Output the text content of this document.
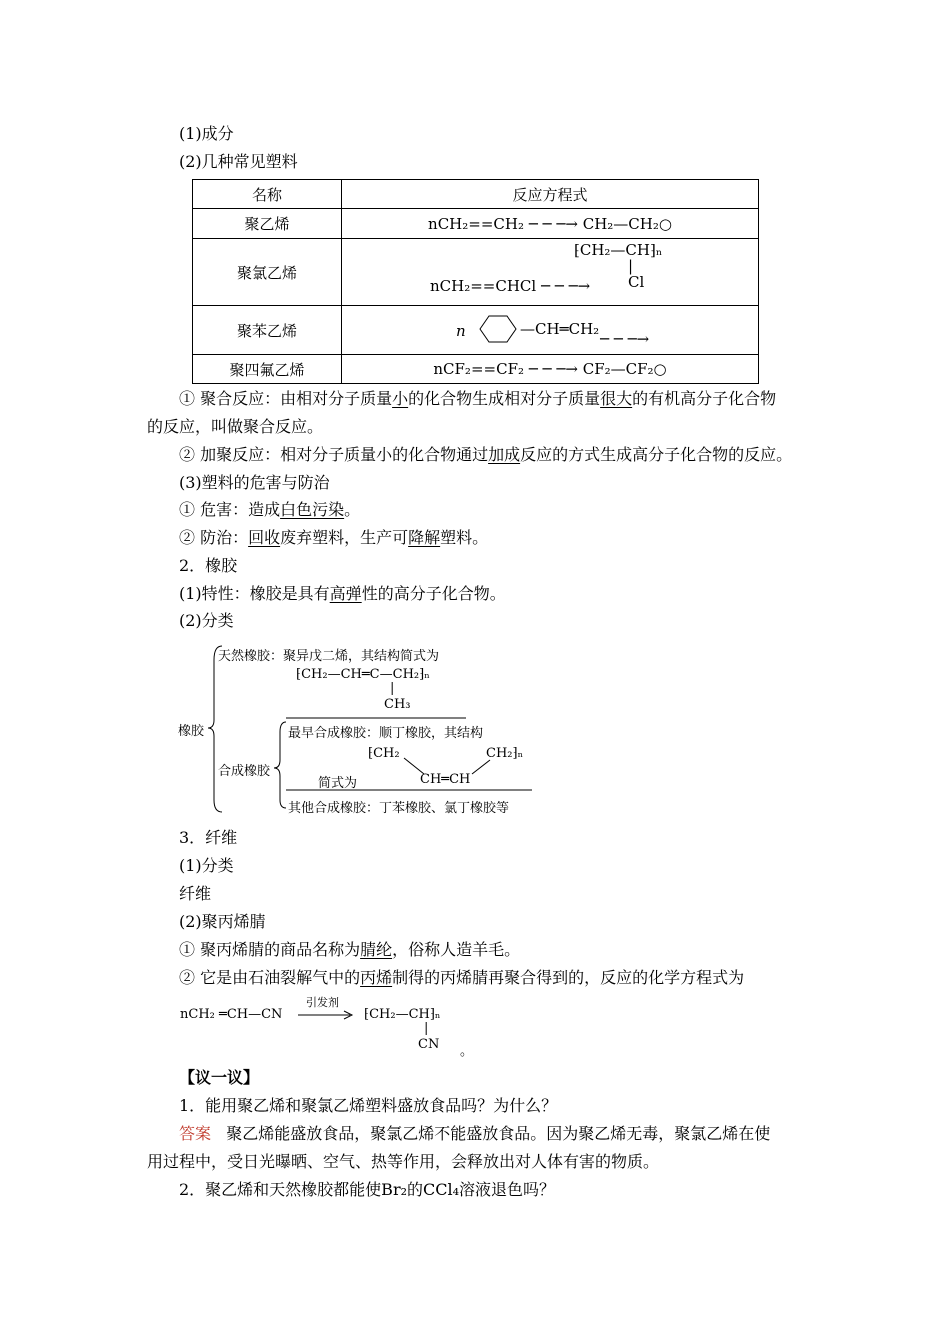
(1)成分
(2)几种常见塑料
名称	反应方程式
聚乙烯	nCH₂==CH₂ ─ ─ ─→ CH₂—CH₂○
聚氯乙烯	nCH₂==CHCl ─ ─ ─→
⁅CH₂—CH⁆ₙ
|
Cl

聚苯乙烯	n —CH═CH₂
─ ─ ─→

聚四氟乙烯	nCF₂==CF₂ ─ ─ ─→ CF₂—CF₂○
① 聚合反应：由相对分子质量小的化合物生成相对分子质量很大的有机高分子化合物
的反应，叫做聚合反应。
② 加聚反应：相对分子质量小的化合物通过加成反应的方式生成高分子化合物的反应。
(3)塑料的危害与防治
① 危害：造成白色污染。
② 防治：回收废弃塑料，生产可降解塑料。
2．橡胶
(1)特性：橡胶是具有高弹性的高分子化合物。
(2)分类
橡胶
天然橡胶：聚异戊二烯，其结构简式为
⁅CH₂—CH═C—CH₂⁆ₙ
|
CH₃
合成橡胶
最早合成橡胶：顺丁橡胶，其结构
⁅CH₂	CH₂⁆ₙ
简式为	CH═CH
其他合成橡胶：丁苯橡胶、氯丁橡胶等
3．纤维
(1)分类
纤维
(2)聚丙烯腈
① 聚丙烯腈的商品名称为腈纶，俗称人造羊毛。
② 它是由石油裂解气中的丙烯制得的丙烯腈再聚合得到的，反应的化学方程式为
nCH₂ ═CH—CN
引发剂
→ ⁅CH₂—CH⁆ₙ
|
CN 。
【议一议】
1．能用聚乙烯和聚氯乙烯塑料盛放食品吗？为什么？
答案 聚乙烯能盛放食品，聚氯乙烯不能盛放食品。因为聚乙烯无毒，聚氯乙烯在使
用过程中，受日光曝晒、空气、热等作用，会释放出对人体有害的物质。
2．聚乙烯和天然橡胶都能使Br₂的CCl₄溶液退色吗？
